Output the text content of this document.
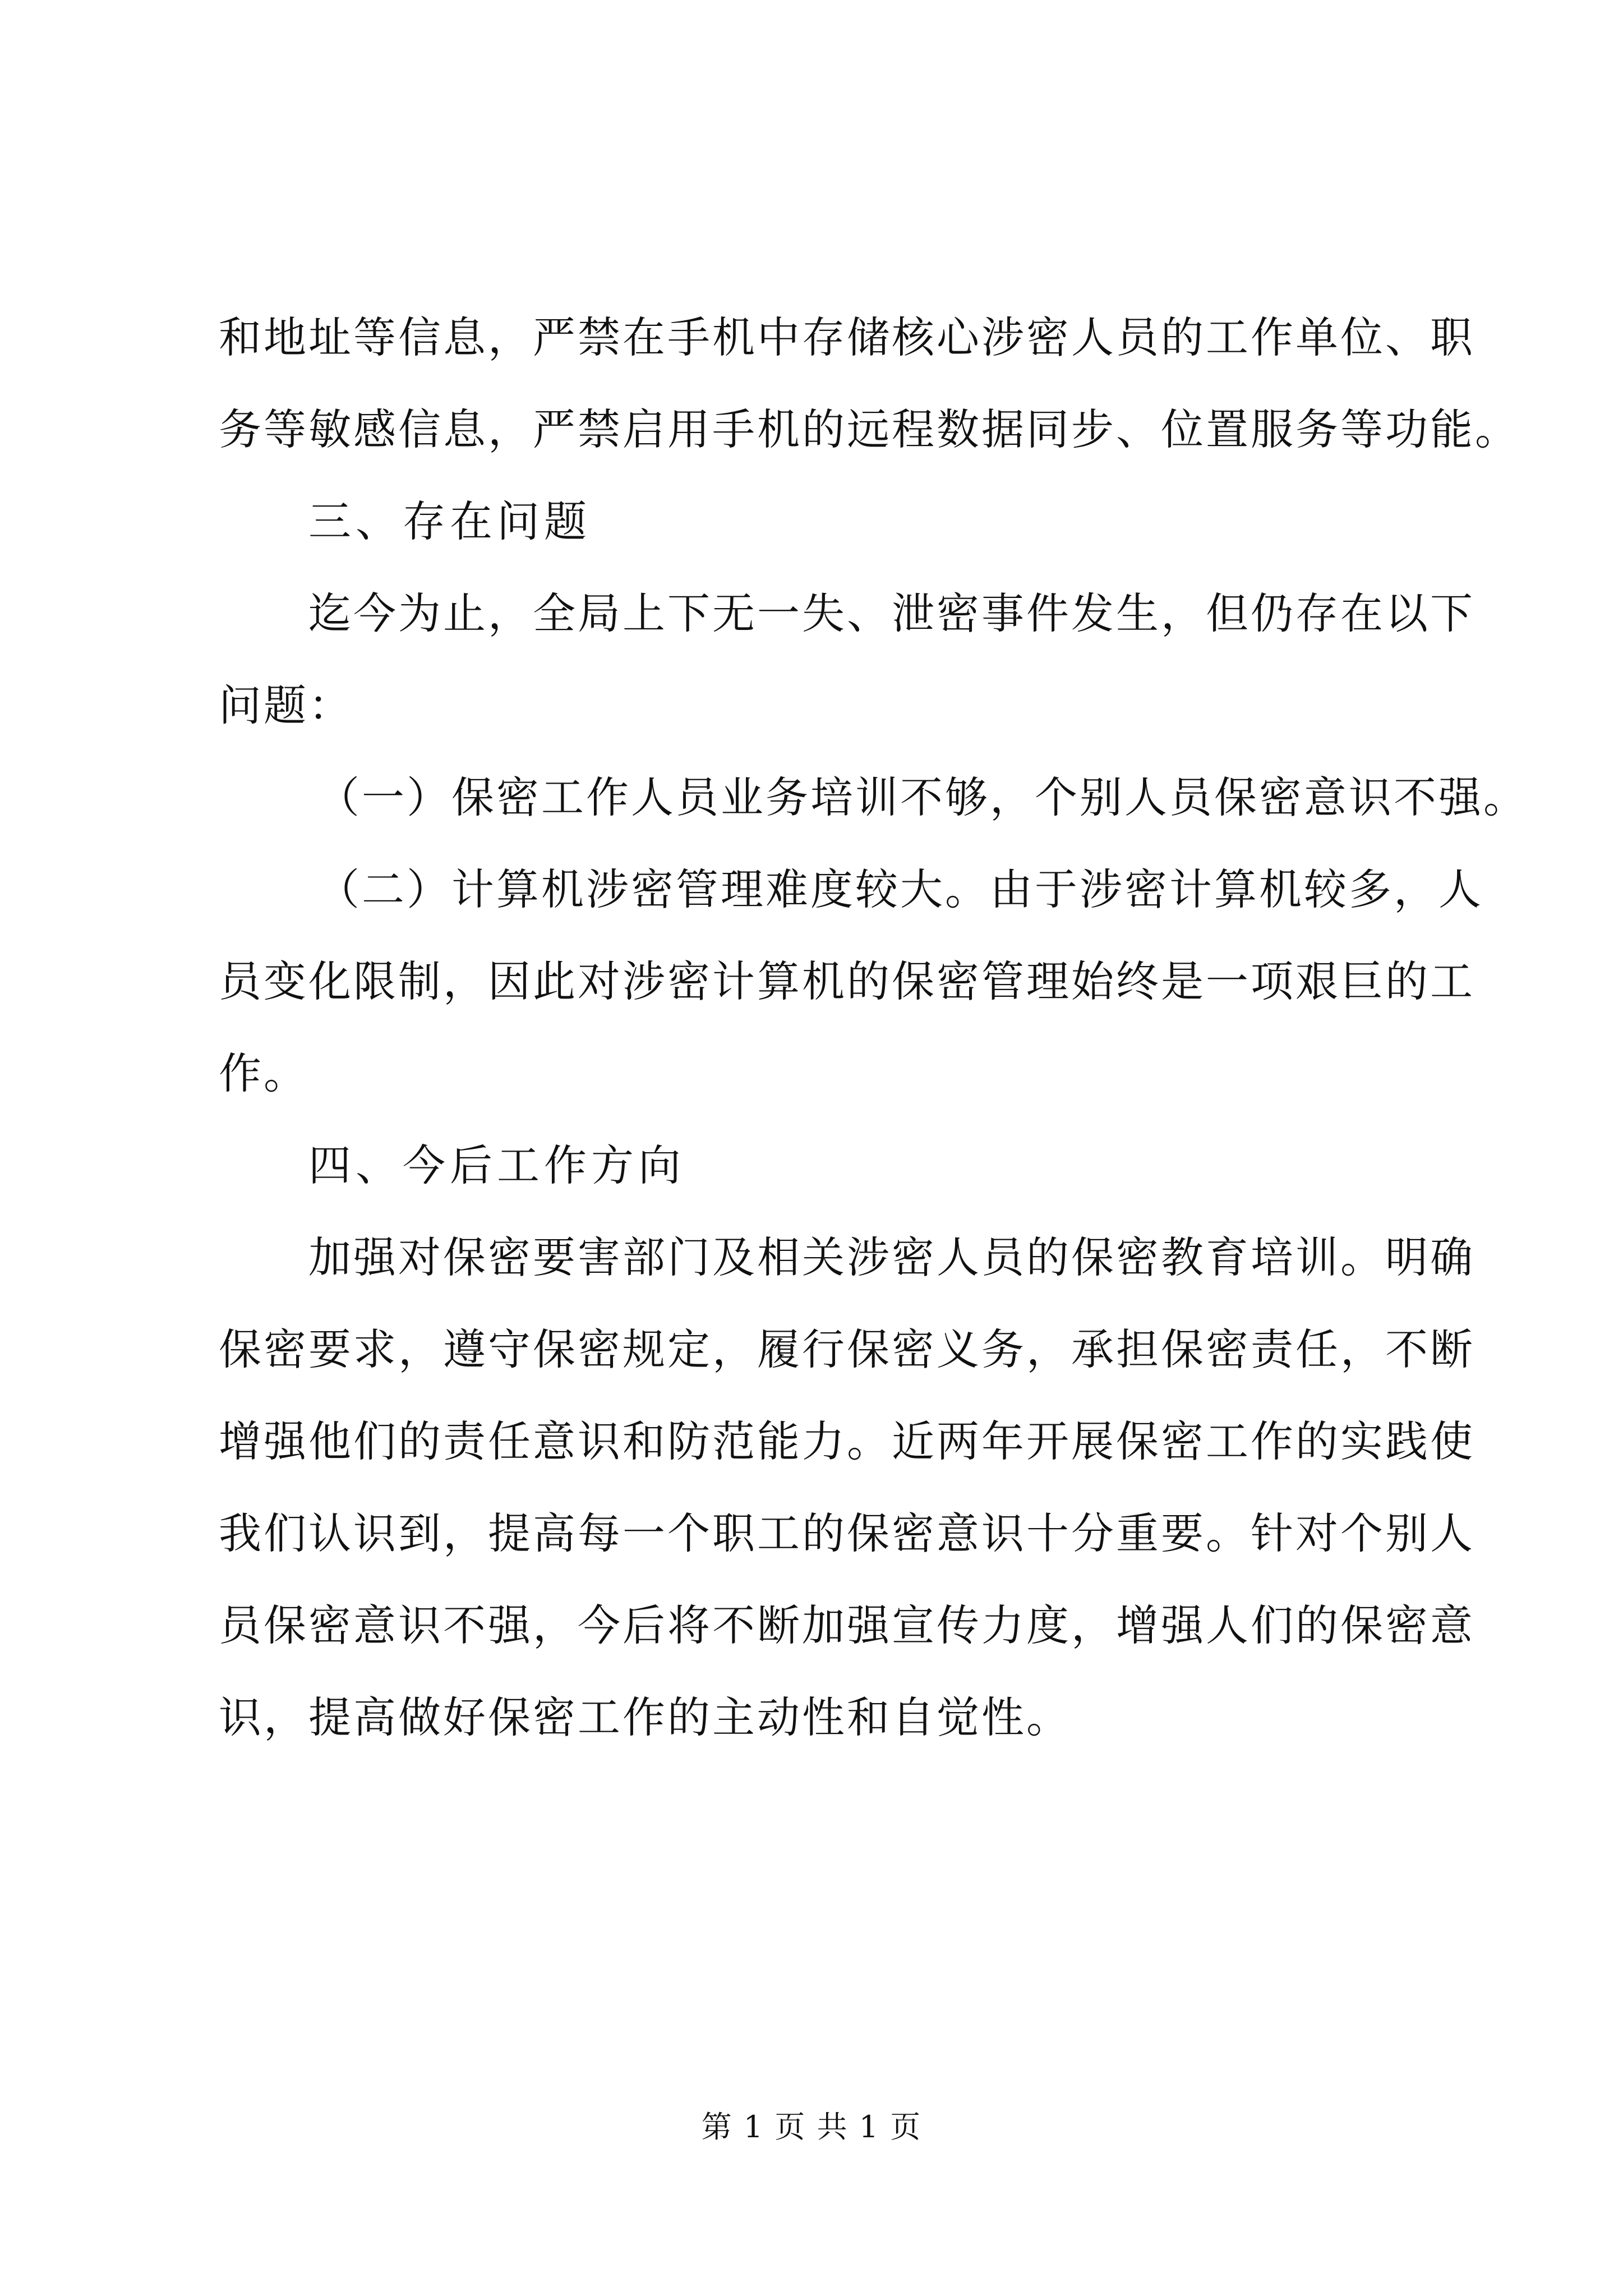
和地址等信息，严禁在手机中存储核心涉密人员的工作单位、职
务等敏感信息，严禁启用手机的远程数据同步、位置服务等功能。
三、存在问题
迄今为止，全局上下无一失、泄密事件发生，但仍存在以下
问题：
（一）保密工作人员业务培训不够，个别人员保密意识不强。
（二）计算机涉密管理难度较大。由于涉密计算机较多，人
员变化限制，因此对涉密计算机的保密管理始终是一项艰巨的工
作。
四、今后工作方向
加强对保密要害部门及相关涉密人员的保密教育培训。明确
保密要求，遵守保密规定，履行保密义务，承担保密责任，不断
增强他们的责任意识和防范能力。近两年开展保密工作的实践使
我们认识到，提高每一个职工的保密意识十分重要。针对个别人
员保密意识不强，今后将不断加强宣传力度，增强人们的保密意
识，提高做好保密工作的主动性和自觉性。
第 1 页 共 1 页
